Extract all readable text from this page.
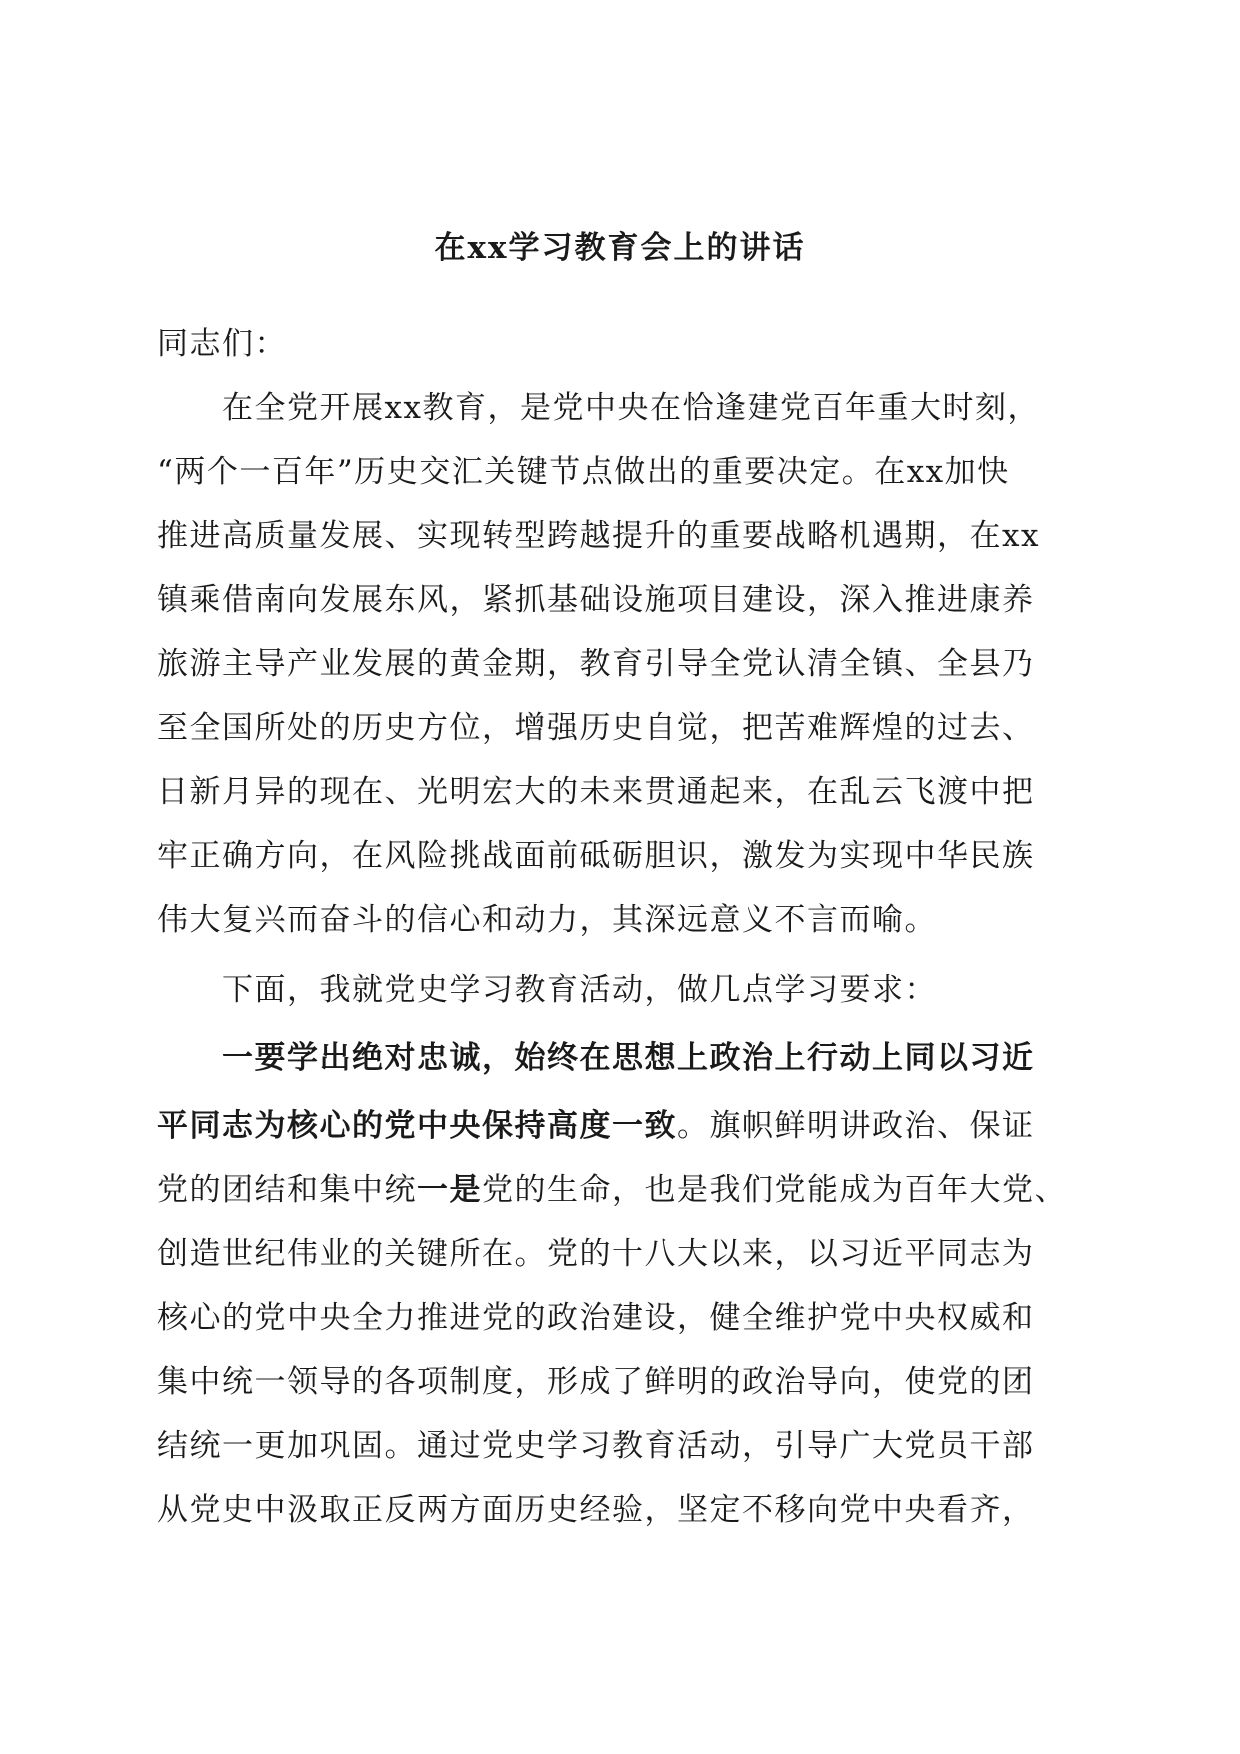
在xx学习教育会上的讲话
同志们：
在全党开展xx教育，是党中央在恰逢建党百年重大时刻，
“两个一百年”历史交汇关键节点做出的重要决定。在xx加快
推进高质量发展、实现转型跨越提升的重要战略机遇期，在xx
镇乘借南向发展东风，紧抓基础设施项目建设，深入推进康养
旅游主导产业发展的黄金期，教育引导全党认清全镇、全县乃
至全国所处的历史方位，增强历史自觉，把苦难辉煌的过去、
日新月异的现在、光明宏大的未来贯通起来，在乱云飞渡中把
牢正确方向，在风险挑战面前砥砺胆识，激发为实现中华民族
伟大复兴而奋斗的信心和动力，其深远意义不言而喻。
下面，我就党史学习教育活动，做几点学习要求：
一要学出绝对忠诚，始终在思想上政治上行动上同以习近
平同志为核心的党中央保持高度一致。旗帜鲜明讲政治、保证
党的团结和集中统一是党的生命，也是我们党能成为百年大党、
创造世纪伟业的关键所在。党的十八大以来，以习近平同志为
核心的党中央全力推进党的政治建设，健全维护党中央权威和
集中统一领导的各项制度，形成了鲜明的政治导向，使党的团
结统一更加巩固。通过党史学习教育活动，引导广大党员干部
从党史中汲取正反两方面历史经验，坚定不移向党中央看齐，
